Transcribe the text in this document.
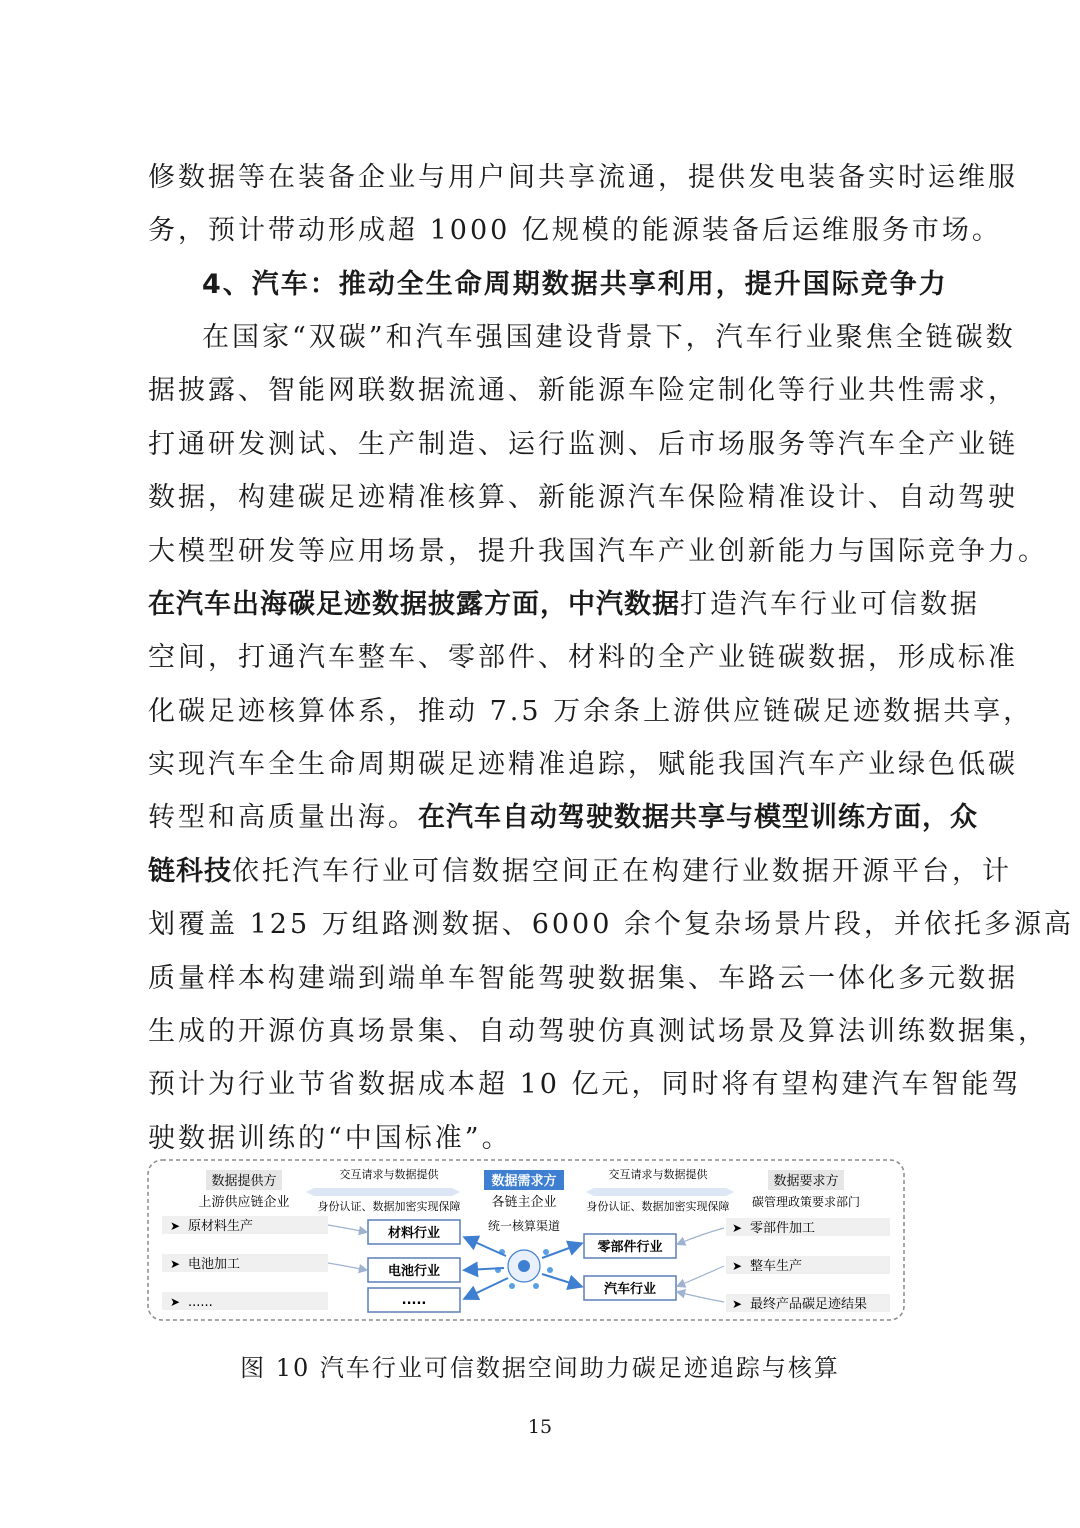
修数据等在装备企业与用户间共享流通，提供发电装备实时运维服
务，预计带动形成超 1000 亿规模的能源装备后运维服务市场。
4、汽车：推动全生命周期数据共享利用，提升国际竞争力
在国家“双碳”和汽车强国建设背景下，汽车行业聚焦全链碳数
据披露、智能网联数据流通、新能源车险定制化等行业共性需求，
打通研发测试、生产制造、运行监测、后市场服务等汽车全产业链
数据，构建碳足迹精准核算、新能源汽车保险精准设计、自动驾驶
大模型研发等应用场景，提升我国汽车产业创新能力与国际竞争力。
在汽车出海碳足迹数据披露方面，中汽数据打造汽车行业可信数据
空间，打通汽车整车、零部件、材料的全产业链碳数据，形成标准
化碳足迹核算体系，推动 7.5 万余条上游供应链碳足迹数据共享，
实现汽车全生命周期碳足迹精准追踪，赋能我国汽车产业绿色低碳
转型和高质量出海。在汽车自动驾驶数据共享与模型训练方面，众
链科技依托汽车行业可信数据空间正在构建行业数据开源平台，计
划覆盖 125 万组路测数据、6000 余个复杂场景片段，并依托多源高
质量样本构建端到端单车智能驾驶数据集、车路云一体化多元数据
生成的开源仿真场景集、自动驾驶仿真测试场景及算法训练数据集，
预计为行业节省数据成本超 10 亿元，同时将有望构建汽车智能驾
驶数据训练的“中国标准”。
数据提供方
上游供应链企业
➤
➤
➤
原材料生产
电池加工
......
交互请求与数据提供
身份认证、数据加密实现保障
材料行业
电池行业
.....
数据需求方
各链主企业
统一核算渠道
交互请求与数据提供
身份认证、数据加密实现保障
零部件行业
汽车行业
数据要求方
碳管理政策要求部门
➤
➤
➤
零部件加工
整车生产
最终产品碳足迹结果
图 10 汽车行业可信数据空间助力碳足迹追踪与核算
15
